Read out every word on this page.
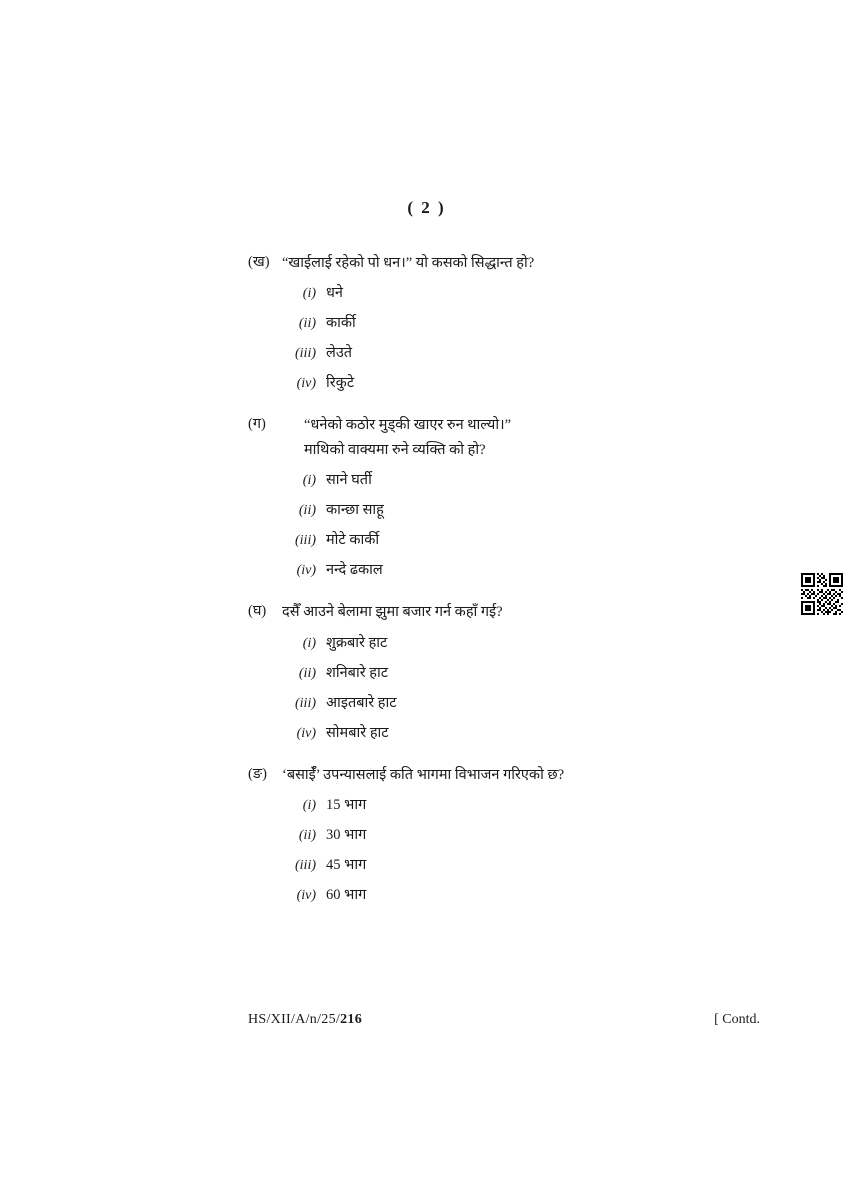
( 2 )
(ख) “खाईलाई रहेको पो धन।” यो कसको सिद्धान्त हो?
(i) धने
(ii) कार्की
(iii) लेउते
(iv) रिकुटे
(ग)	“धनेको कठोर मुड्की खाएर रुन थाल्यो।”
माथिको वाक्यमा रुने व्यक्ति को हो?
(i) साने घर्ती
(ii) कान्छा साहू
(iii) मोटे कार्की
(iv) नन्दे ढकाल
(घ)	दसैँ आउने बेलामा झुमा बजार गर्न कहाँ गई?
(i) शुक्रबारे हाट
(ii) शनिबारे हाट
(iii) आइतबारे हाट
(iv) सोमबारे हाट
(ङ)	‘बसाईँ’ उपन्यासलाई कति भागमा विभाजन गरिएको छ?
(i) 15 भाग
(ii) 30 भाग
(iii) 45 भाग
(iv) 60 भाग
HS/XII/A/n/25/216	[ Contd.
